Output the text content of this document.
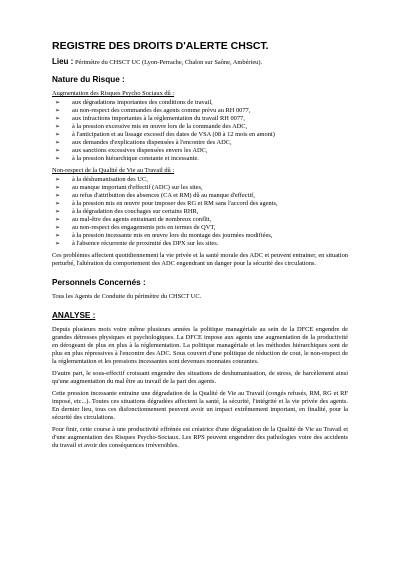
REGISTRE DES DROITS D'ALERTE CHSCT.
Lieu : Périmètre du CHSCT UC (Lyon-Perrache, Chalon sur Saône, Ambérieu).
Nature du Risque :
Augmentation des Risques Psycho Sociaux dû :
➢ aux dégradations importantes des conditions de travail,
➢ au non-respect des commandes des agents comme prévu au RH 0077,
➢ aux infractions importantes à la réglementation du travail RH 0077,
➢ à la pression excessive mis en œuvre lors de la commande des ADC,
➢ à l'anticipation et au lissage excessif des dates de VSA (08 à 12 mois en amont)
➢ aux demandes d'explications dispensées à l'encontre des ADC,
➢ aux sanctions excessives dispensées envers les ADC,
➢ à la pression hiérarchique constante et incessante.
Non-respect de la Qualité de Vie au Travail dû :
➢ à la déshumanisation des UC,
➢ au manque important d'effectif (ADC) sur les sites,
➢ au refus d'attribution des absences (CA et RM) dû au manque d'effectif,
➢ à la pression mis en œuvre pour imposer des RG et RM sans l'accord des agents,
➢ à la dégradation des couchages sur certains RHR,
➢ au mal-être des agents entrainant de nombreux conflit,
➢ au non-respect des engagements pris en termes de QVT,
➢ à la pression incessante mis en œuvre lors du montage des journées modifiées,
➢ à l'absence récurrente de proximité des DPX sur les sites.

Ces problèmes affectent quotidiennement la vie privée et la santé morale des ADC et peuvent entrainer, en situation perturbé, l'altération du comportement des ADC engendrant un danger pour la sécurité des circulations.

Personnels Concernés :

Tous les Agents de Conduite du périmètre du CHSCT UC.

ANALYSE :

Depuis plusieurs mois voire même plusieurs années la politique managériale au sein de la DFCE engendre de grandes détresses physiques et psychologiques. La DFCE impose aux agents une augmentation de la productivité en dérogeant de plus en plus à la réglementation. La politique managériale et les méthodes hiérarchiques sont de plus en plus répressives à l'encontre des ADC. Sous couvert d'une politique de réduction de cout, le non-respect de la réglementation et les pressions incessantes sont devenues monnaies courantes.

D'autre part, le sous-effectif croissant engendre des situations de deshumanisation, de stress, de harcèlement ainsi qu'une augmentation du mal être au travail de la part des agents.

Cette pression incessante entraine une dégradation de la Qualité de Vie au Travail (congés refusés, RM, RG et RF imposé, etc...). Toutes ces situations dégradées affectent la santé, la sécurité, l'intégrité et la vie privée des agents. En dernier lieu, tous ces disfonctionnement peuvent avoir un impact extrêmement important, en finalité, pour la sécurité des circulations.

Pour finir, cette course à une productivité effrénée est créatrice d'une dégradation de la Qualité de Vie au Travail et d'une augmentation des Risques Psycho-Sociaux. Les RPS peuvent engendrer des pathologies voire des accidents du travail et avoir des conséquences irréversibles.
